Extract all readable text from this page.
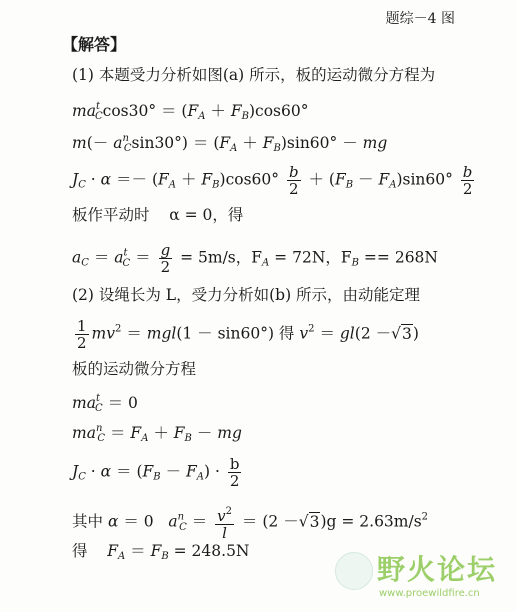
题综－4 图
【解答】
(1) 本题受力分析如图(a) 所示，板的运动微分方程为
$ma^t_C\cos 30^\circ = (F_A + F_B)\cos 60^\circ$
$m(- a^n_C\sin 30^\circ) = (F_A + F_B)\sin 60^\circ$ － mg
$J_C \cdot \alpha =- (F_A + F_B)\cos 60^\circ \frac{b}{2} + (F_B - F_A)\sin 60^\circ \frac{b}{2}$
板作平动时 α = 0，得
$a_C = a^t_C = \frac{g}{2} = 5m/s$，$F_A = 72N$，$F_B == 268N$
(2) 设绳长为 L，受力分析如(b) 所示，由动能定理
$\frac{1}{2} mv^2 = mgl(1 - \sin 60^\circ)$ 得 $v^2 = gl(2 -√3)$
板的运动微分方程
$ma^t_C = 0$
$ma^n_C = F_A + F_B$ － mg
$J_C \cdot \alpha = (F_B - F_A) \cdot \frac{b}{2}$
其中 α ＝ 0   $a^n_C = \frac{v^2}{l} = (2 -√3)g = 2.63m/s^2$
得 $F_A = F_B = 248.5N$
野火论坛
www.proewildfire.cn
